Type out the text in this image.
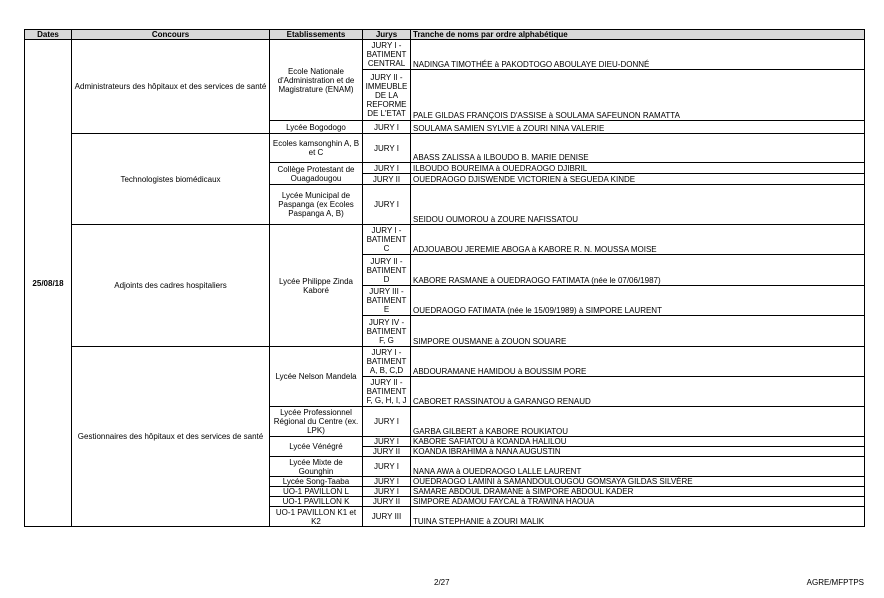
Dates	Concours	Etablissements	Jurys	Tranche de noms par ordre alphabétique
25/08/18	Administrateurs des hôpitaux et des services de santé	Ecole Nationale d'Administration et de Magistrature (ENAM)	JURY I - BATIMENT CENTRAL	NADINGA TIMOTHÉE à PAKODTOGO ABOULAYE DIEU-DONNÉ
			JURY II - IMMEUBLE DE LA REFORME DE L'ETAT	PALE GILDAS FRANÇOIS D'ASSISE à SOULAMA SAFEUNON RAMATTA
		Lycée Bogodogo	JURY I	SOULAMA SAMIEN SYLVIE à ZOURI NINA VALERIE
	Technologistes biomédicaux	Ecoles kamsonghin A, B et C	JURY I	ABASS ZALISSA à ILBOUDO B. MARIE DENISE
		Collège Protestant de Ouagadougou	JURY I	ILBOUDO BOUREIMA à OUEDRAOGO DJIBRIL
			JURY II	OUEDRAOGO DJISWENDE VICTORIEN à SEGUEDA KINDE
		Lycée Municipal de Paspanga (ex Ecoles Paspanga A, B)	JURY I	SEIDOU OUMOROU à ZOURE NAFISSATOU
	Adjoints des cadres hospitaliers	Lycée Philippe Zinda Kaboré	JURY I - BATIMENT C	ADJOUABOU JEREMIE ABOGA à KABORE R. N. MOUSSA MOISE
			JURY II - BATIMENT D	KABORE RASMANE à OUEDRAOGO FATIMATA (née le 07/06/1987)
			JURY III - BATIMENT E	OUEDRAOGO FATIMATA (née le 15/09/1989) à SIMPORE LAURENT
			JURY IV - BATIMENT F, G	SIMPORE OUSMANE à ZOUON SOUARE
	Gestionnaires des hôpitaux et des services de santé	Lycée Nelson Mandela	JURY I - BATIMENT A, B, C,D	ABDOURAMANE HAMIDOU à BOUSSIM PORE
			JURY II - BATIMENT F, G, H, I, J	CABORET RASSINATOU à GARANGO RENAUD
		Lycée Professionnel Régional du Centre (ex. LPK)	JURY I	GARBA GILBERT à KABORE ROUKIATOU
		Lycée Vénégré	JURY I	KABORE SAFIATOU à KOANDA HALILOU
			JURY II	KOANDA IBRAHIMA à NANA AUGUSTIN
		Lycée Mixte de Gounghin	JURY I	NANA AWA à OUEDRAOGO LALLE LAURENT
		Lycée Song-Taaba	JURY I	OUEDRAOGO LAMINI à SAMANDOULOUGOU GOMSAYA GILDAS SILVÈRE
		UO-1 PAVILLON L	JURY I	SAMARE ABDOUL DRAMANE à SIMPORE ABDOUL KADER
		UO-1 PAVILLON K	JURY II	SIMPORE ADAMOU FAYCAL à TRAWINA HAOUA
		UO-1 PAVILLON K1 et K2	JURY III	TUINA STEPHANIE à ZOURI MALIK
2/27	AGRE/MFPTPS
